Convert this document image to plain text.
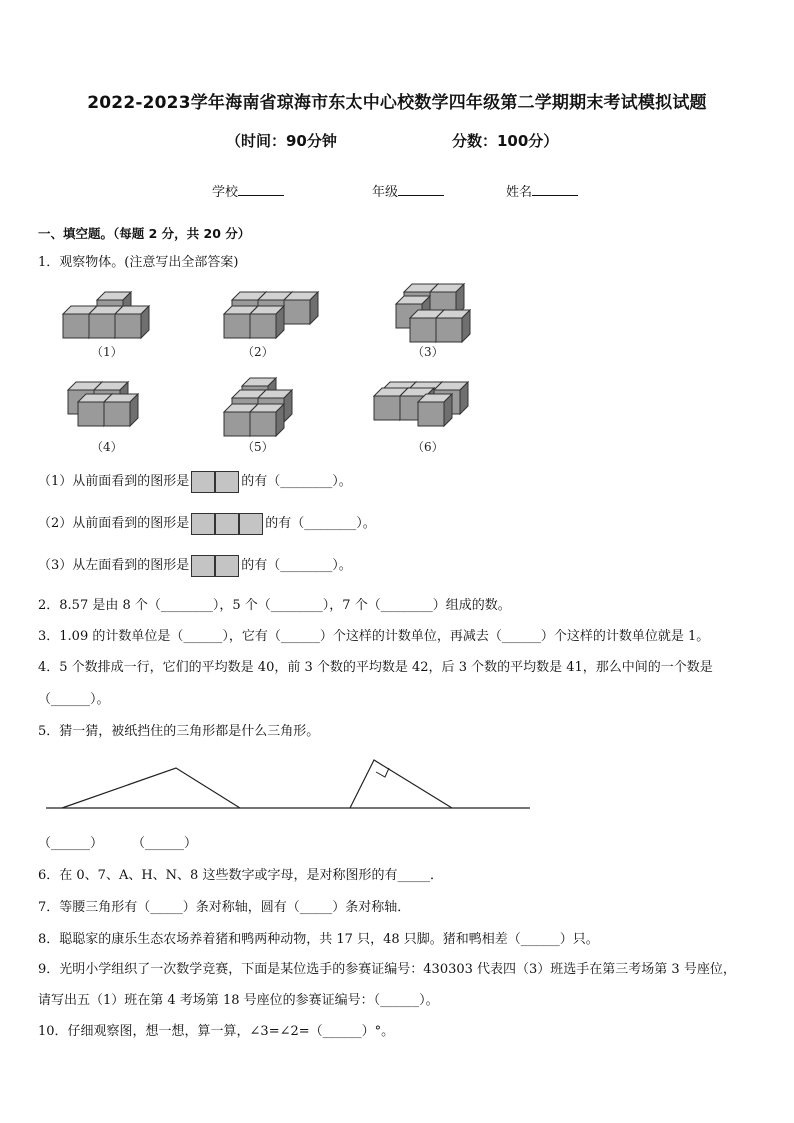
2022-2023学年海南省琼海市东太中心校数学四年级第二学期期末考试模拟试题
（时间：90分钟	分数：100分）
学校	年级	姓名
一、填空题。（每题 2 分，共 20 分）
1．观察物体。(注意写出全部答案)
（1）	（2）	（3）
（4）	（5）	（6）
（1）从前面看到的图形是	的有（________）。
（2）从前面看到的图形是	的有（________）。
（3）从左面看到的图形是	的有（________）。
2．8.57 是由 8 个（________），5 个（________），7 个（________）组成的数。
3．1.09 的计数单位是（______），它有（______）个这样的计数单位，再减去（______）个这样的计数单位就是 1。
4．5 个数排成一行，它们的平均数是 40，前 3 个数的平均数是 42，后 3 个数的平均数是 41，那么中间的一个数是
（______）。
5．猜一猜，被纸挡住的三角形都是什么三角形。
（______） （______）
6．在 0、7、A、H、N、8 这些数字或字母，是对称图形的有_____．
7．等腰三角形有（_____）条对称轴，圆有（_____）条对称轴．
8．聪聪家的康乐生态农场养着猪和鸭两种动物，共 17 只，48 只脚。猪和鸭相差（______）只。
9．光明小学组织了一次数学竞赛，下面是某位选手的参赛证编号：430303 代表四（3）班选手在第三考场第 3 号座位，
请写出五（1）班在第 4 考场第 18 号座位的参赛证编号：（______）。
10．仔细观察图，想一想，算一算，∠3=∠2=（______）°。
